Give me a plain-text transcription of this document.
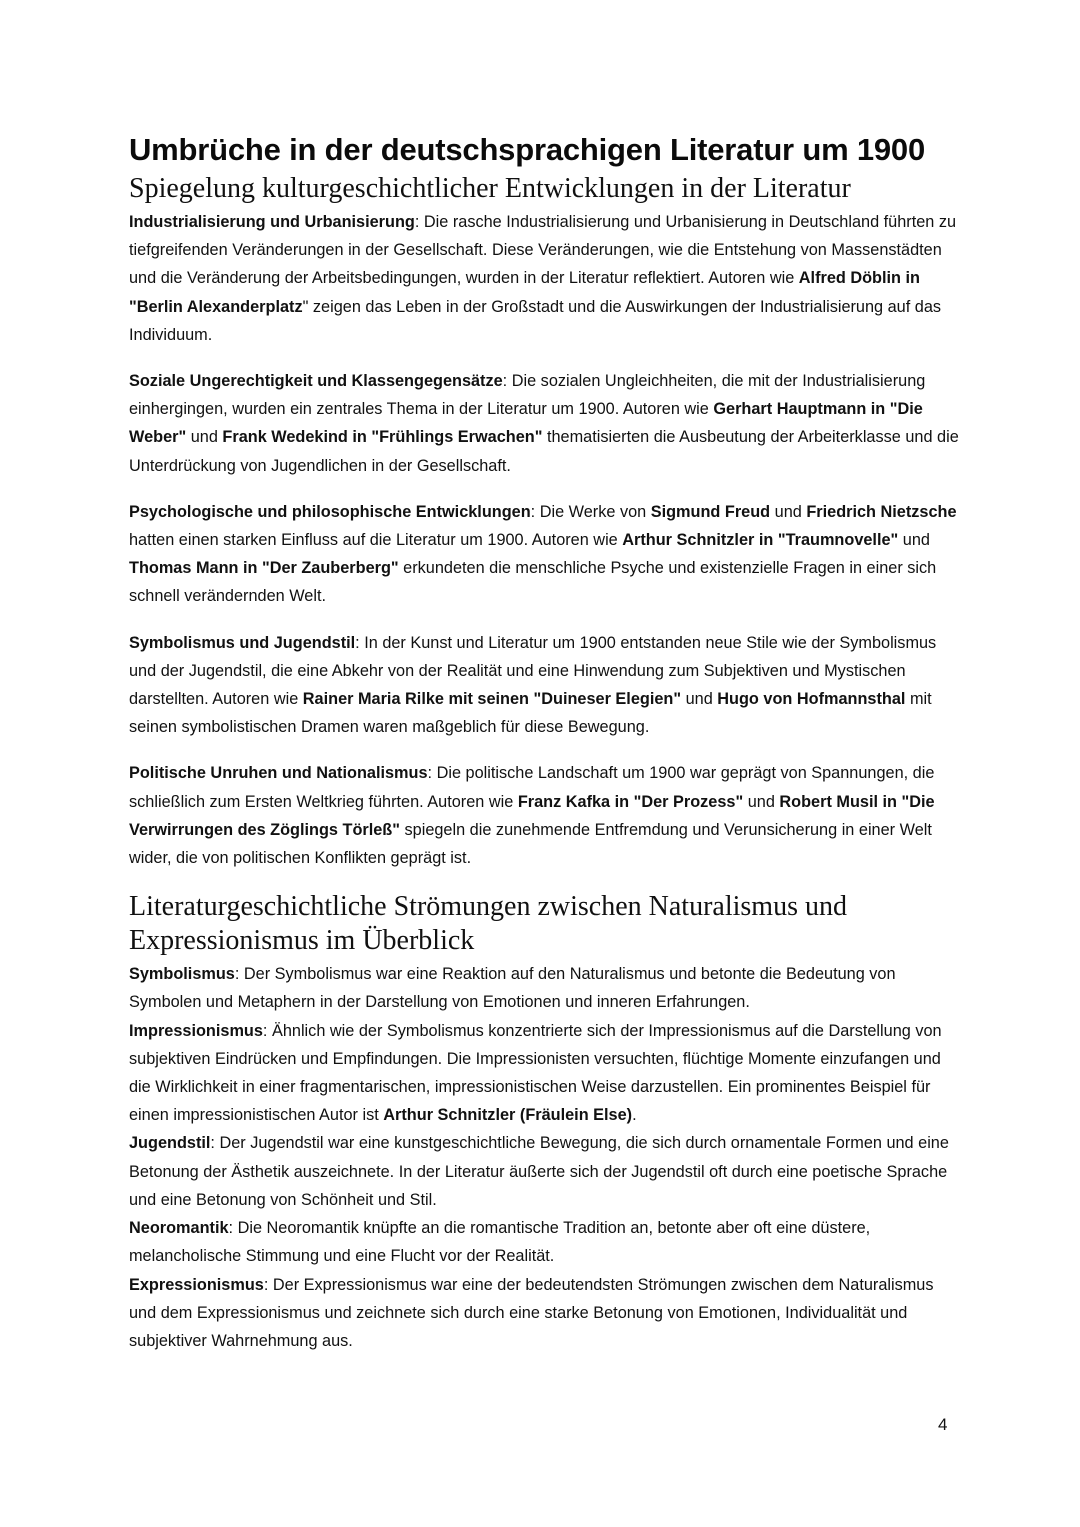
Umbrüche in der deutschsprachigen Literatur um 1900
Spiegelung kulturgeschichtlicher Entwicklungen in der Literatur

Industrialisierung und Urbanisierung: Die rasche Industrialisierung und Urbanisierung in Deutschland führten zu tiefgreifenden Veränderungen in der Gesellschaft. Diese Veränderungen, wie die Entstehung von Massenstädten und die Veränderung der Arbeitsbedingungen, wurden in der Literatur reflektiert. Autoren wie Alfred Döblin in "Berlin Alexanderplatz" zeigen das Leben in der Großstadt und die Auswirkungen der Industrialisierung auf das Individuum.

Soziale Ungerechtigkeit und Klassengegensätze: Die sozialen Ungleichheiten, die mit der Industrialisierung einhergingen, wurden ein zentrales Thema in der Literatur um 1900. Autoren wie Gerhart Hauptmann in "Die Weber" und Frank Wedekind in "Frühlings Erwachen" thematisierten die Ausbeutung der Arbeiterklasse und die Unterdrückung von Jugendlichen in der Gesellschaft.

Psychologische und philosophische Entwicklungen: Die Werke von Sigmund Freud und Friedrich Nietzsche hatten einen starken Einfluss auf die Literatur um 1900. Autoren wie Arthur Schnitzler in "Traumnovelle" und Thomas Mann in "Der Zauberberg" erkundeten die menschliche Psyche und existenzielle Fragen in einer sich schnell verändernden Welt.

Symbolismus und Jugendstil: In der Kunst und Literatur um 1900 entstanden neue Stile wie der Symbolismus und der Jugendstil, die eine Abkehr von der Realität und eine Hinwendung zum Subjektiven und Mystischen darstellten. Autoren wie Rainer Maria Rilke mit seinen "Duineser Elegien" und Hugo von Hofmannsthal mit seinen symbolistischen Dramen waren maßgeblich für diese Bewegung.

Politische Unruhen und Nationalismus: Die politische Landschaft um 1900 war geprägt von Spannungen, die schließlich zum Ersten Weltkrieg führten. Autoren wie Franz Kafka in "Der Prozess" und Robert Musil in "Die Verwirrungen des Zöglings Törleß" spiegeln die zunehmende Entfremdung und Verunsicherung in einer Welt wider, die von politischen Konflikten geprägt ist.

Literaturgeschichtliche Strömungen zwischen Naturalismus und Expressionismus im Überblick

Symbolismus: Der Symbolismus war eine Reaktion auf den Naturalismus und betonte die Bedeutung von Symbolen und Metaphern in der Darstellung von Emotionen und inneren Erfahrungen.

Impressionismus: Ähnlich wie der Symbolismus konzentrierte sich der Impressionismus auf die Darstellung von subjektiven Eindrücken und Empfindungen. Die Impressionisten versuchten, flüchtige Momente einzufangen und die Wirklichkeit in einer fragmentarischen, impressionistischen Weise darzustellen. Ein prominentes Beispiel für einen impressionistischen Autor ist Arthur Schnitzler (Fräulein Else).

Jugendstil: Der Jugendstil war eine kunstgeschichtliche Bewegung, die sich durch ornamentale Formen und eine Betonung der Ästhetik auszeichnete. In der Literatur äußerte sich der Jugendstil oft durch eine poetische Sprache und eine Betonung von Schönheit und Stil.

Neoromantik: Die Neoromantik knüpfte an die romantische Tradition an, betonte aber oft eine düstere, melancholische Stimmung und eine Flucht vor der Realität.

Expressionismus: Der Expressionismus war eine der bedeutendsten Strömungen zwischen dem Naturalismus und dem Expressionismus und zeichnete sich durch eine starke Betonung von Emotionen, Individualität und subjektiver Wahrnehmung aus.

4
